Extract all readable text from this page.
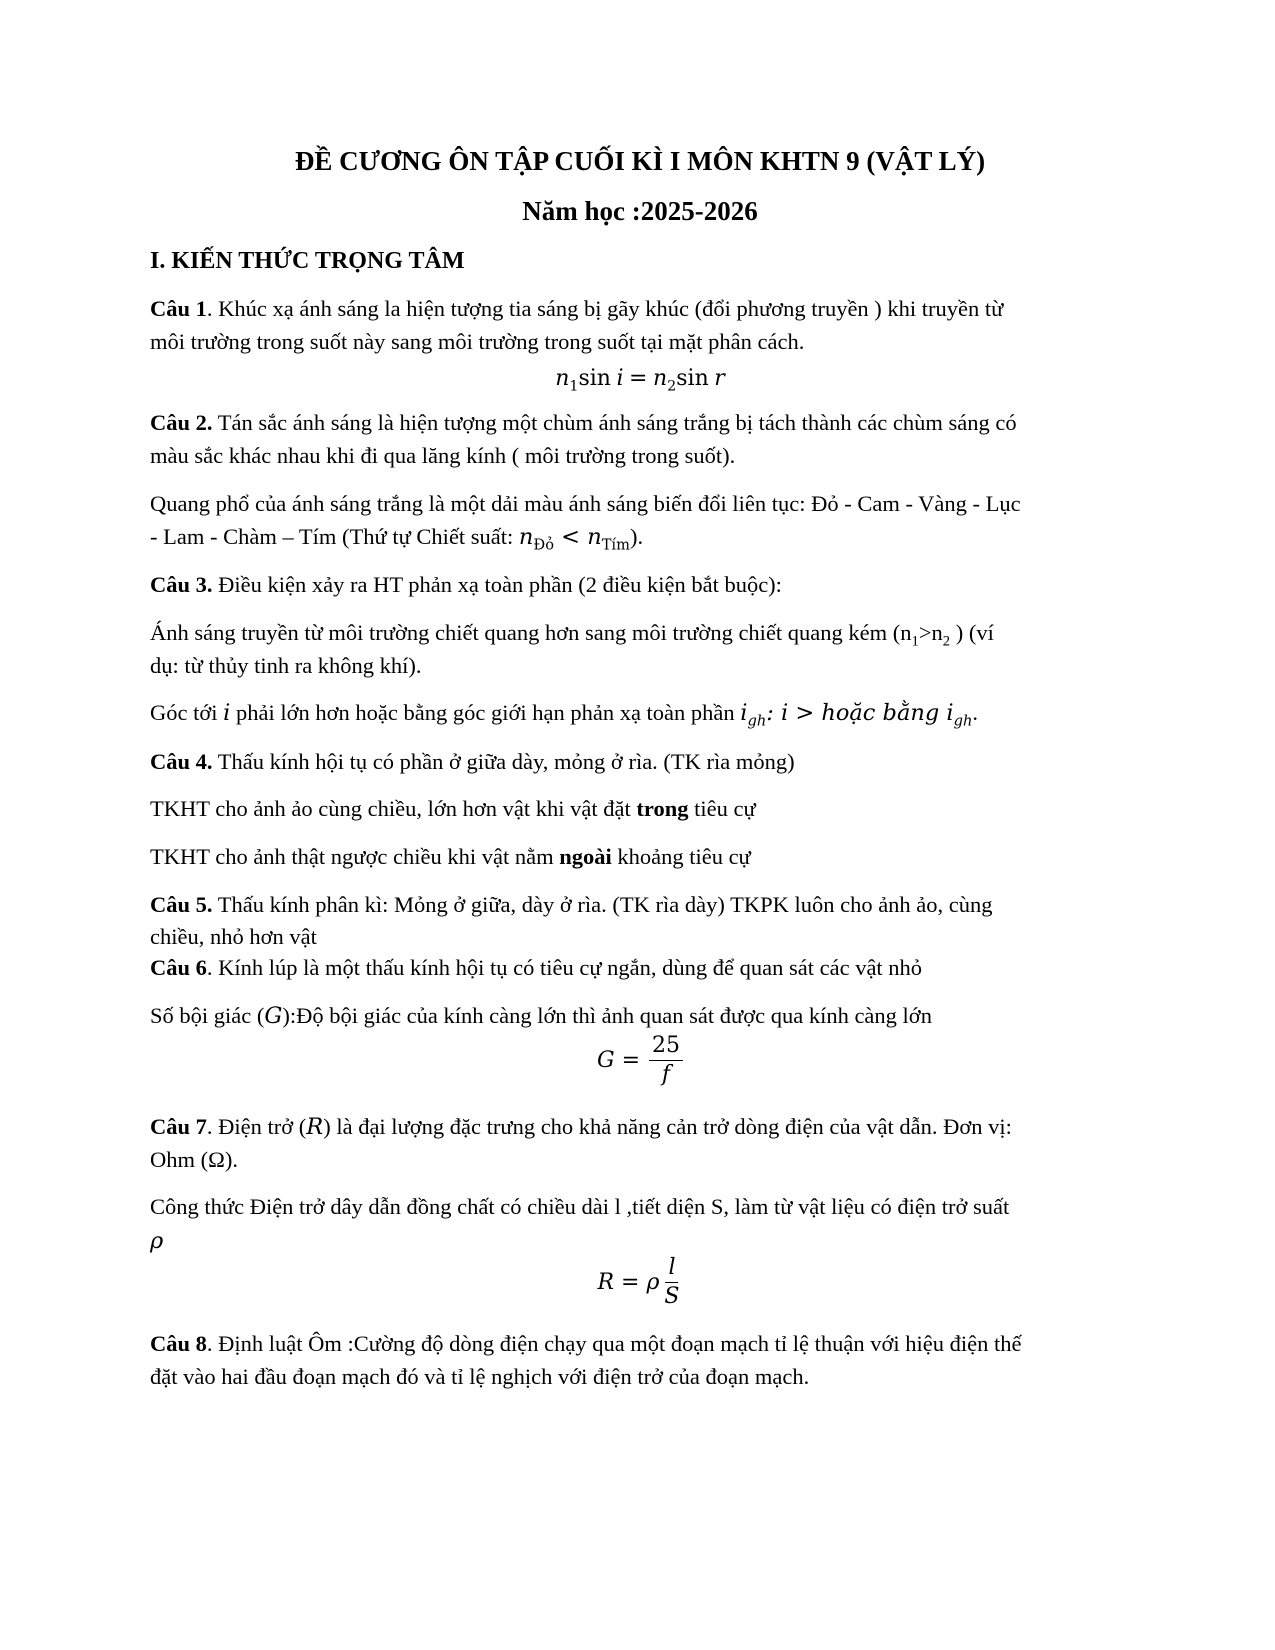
ĐỀ CƯƠNG ÔN TẬP CUỐI KÌ I MÔN KHTN 9 (VẬT LÝ)
Năm học :2025-2026
I. KIẾN THỨC TRỌNG TÂM
Câu 1. Khúc xạ ánh sáng la hiện tượng tia sáng bị gãy khúc (đổi phương truyền ) khi truyền từ
môi trường trong suốt này sang môi trường trong suốt tại mặt phân cách.
$n_1\sin$ $i = n_2\sin$ r
Câu 2. Tán sắc ánh sáng là hiện tượng một chùm ánh sáng trắng bị tách thành các chùm sáng có
màu sắc khác nhau khi đi qua lăng kính ( môi trường trong suốt).
Quang phổ của ánh sáng trắng là một dải màu ánh sáng biến đổi liên tục: Đỏ - Cam - Vàng - Lục
- Lam - Chàm – Tím (Thứ tự Chiết suất: $n_{Đỏ} < n_{Tím}$).
Câu 3. Điều kiện xảy ra HT phản xạ toàn phần (2 điều kiện bắt buộc):
Ánh sáng truyền từ môi trường chiết quang hơn sang môi trường chiết quang kém ($n_1>n_2$ ) (ví
dụ: từ thủy tinh ra không khí).
Góc tới i phải lớn hơn hoặc bằng góc giới hạn phản xạ toàn phần $i_{gh}$: i > hoặc bằng $i_{gh}$.
Câu 4. Thấu kính hội tụ có phần ở giữa dày, mỏng ở rìa. (TK rìa mỏng)
TKHT cho ảnh ảo cùng chiều, lớn hơn vật khi vật đặt trong tiêu cự
TKHT cho ảnh thật ngược chiều khi vật nằm ngoài khoảng tiêu cự
Câu 5. Thấu kính phân kì: Mỏng ở giữa, dày ở rìa. (TK rìa dày) TKPK luôn cho ảnh ảo, cùng
chiều, nhỏ hơn vật
Câu 6. Kính lúp là một thấu kính hội tụ có tiêu cự ngắn, dùng để quan sát các vật nhỏ
Số bội giác (G):Độ bội giác của kính càng lớn thì ảnh quan sát được qua kính càng lớn
$G = \frac{25}{f}$
Câu 7. Điện trở (R) là đại lượng đặc trưng cho khả năng cản trở dòng điện của vật dẫn. Đơn vị:
Ohm (Ω).
Công thức Điện trở dây dẫn đồng chất có chiều dài l ,tiết diện S, làm từ vật liệu có điện trở suất
ρ
R = ρ $\frac{l}{S}$
Câu 8. Định luật Ôm :Cường độ dòng điện chạy qua một đoạn mạch tỉ lệ thuận với hiệu điện thế
đặt vào hai đầu đoạn mạch đó và tỉ lệ nghịch với điện trở của đoạn mạch.
